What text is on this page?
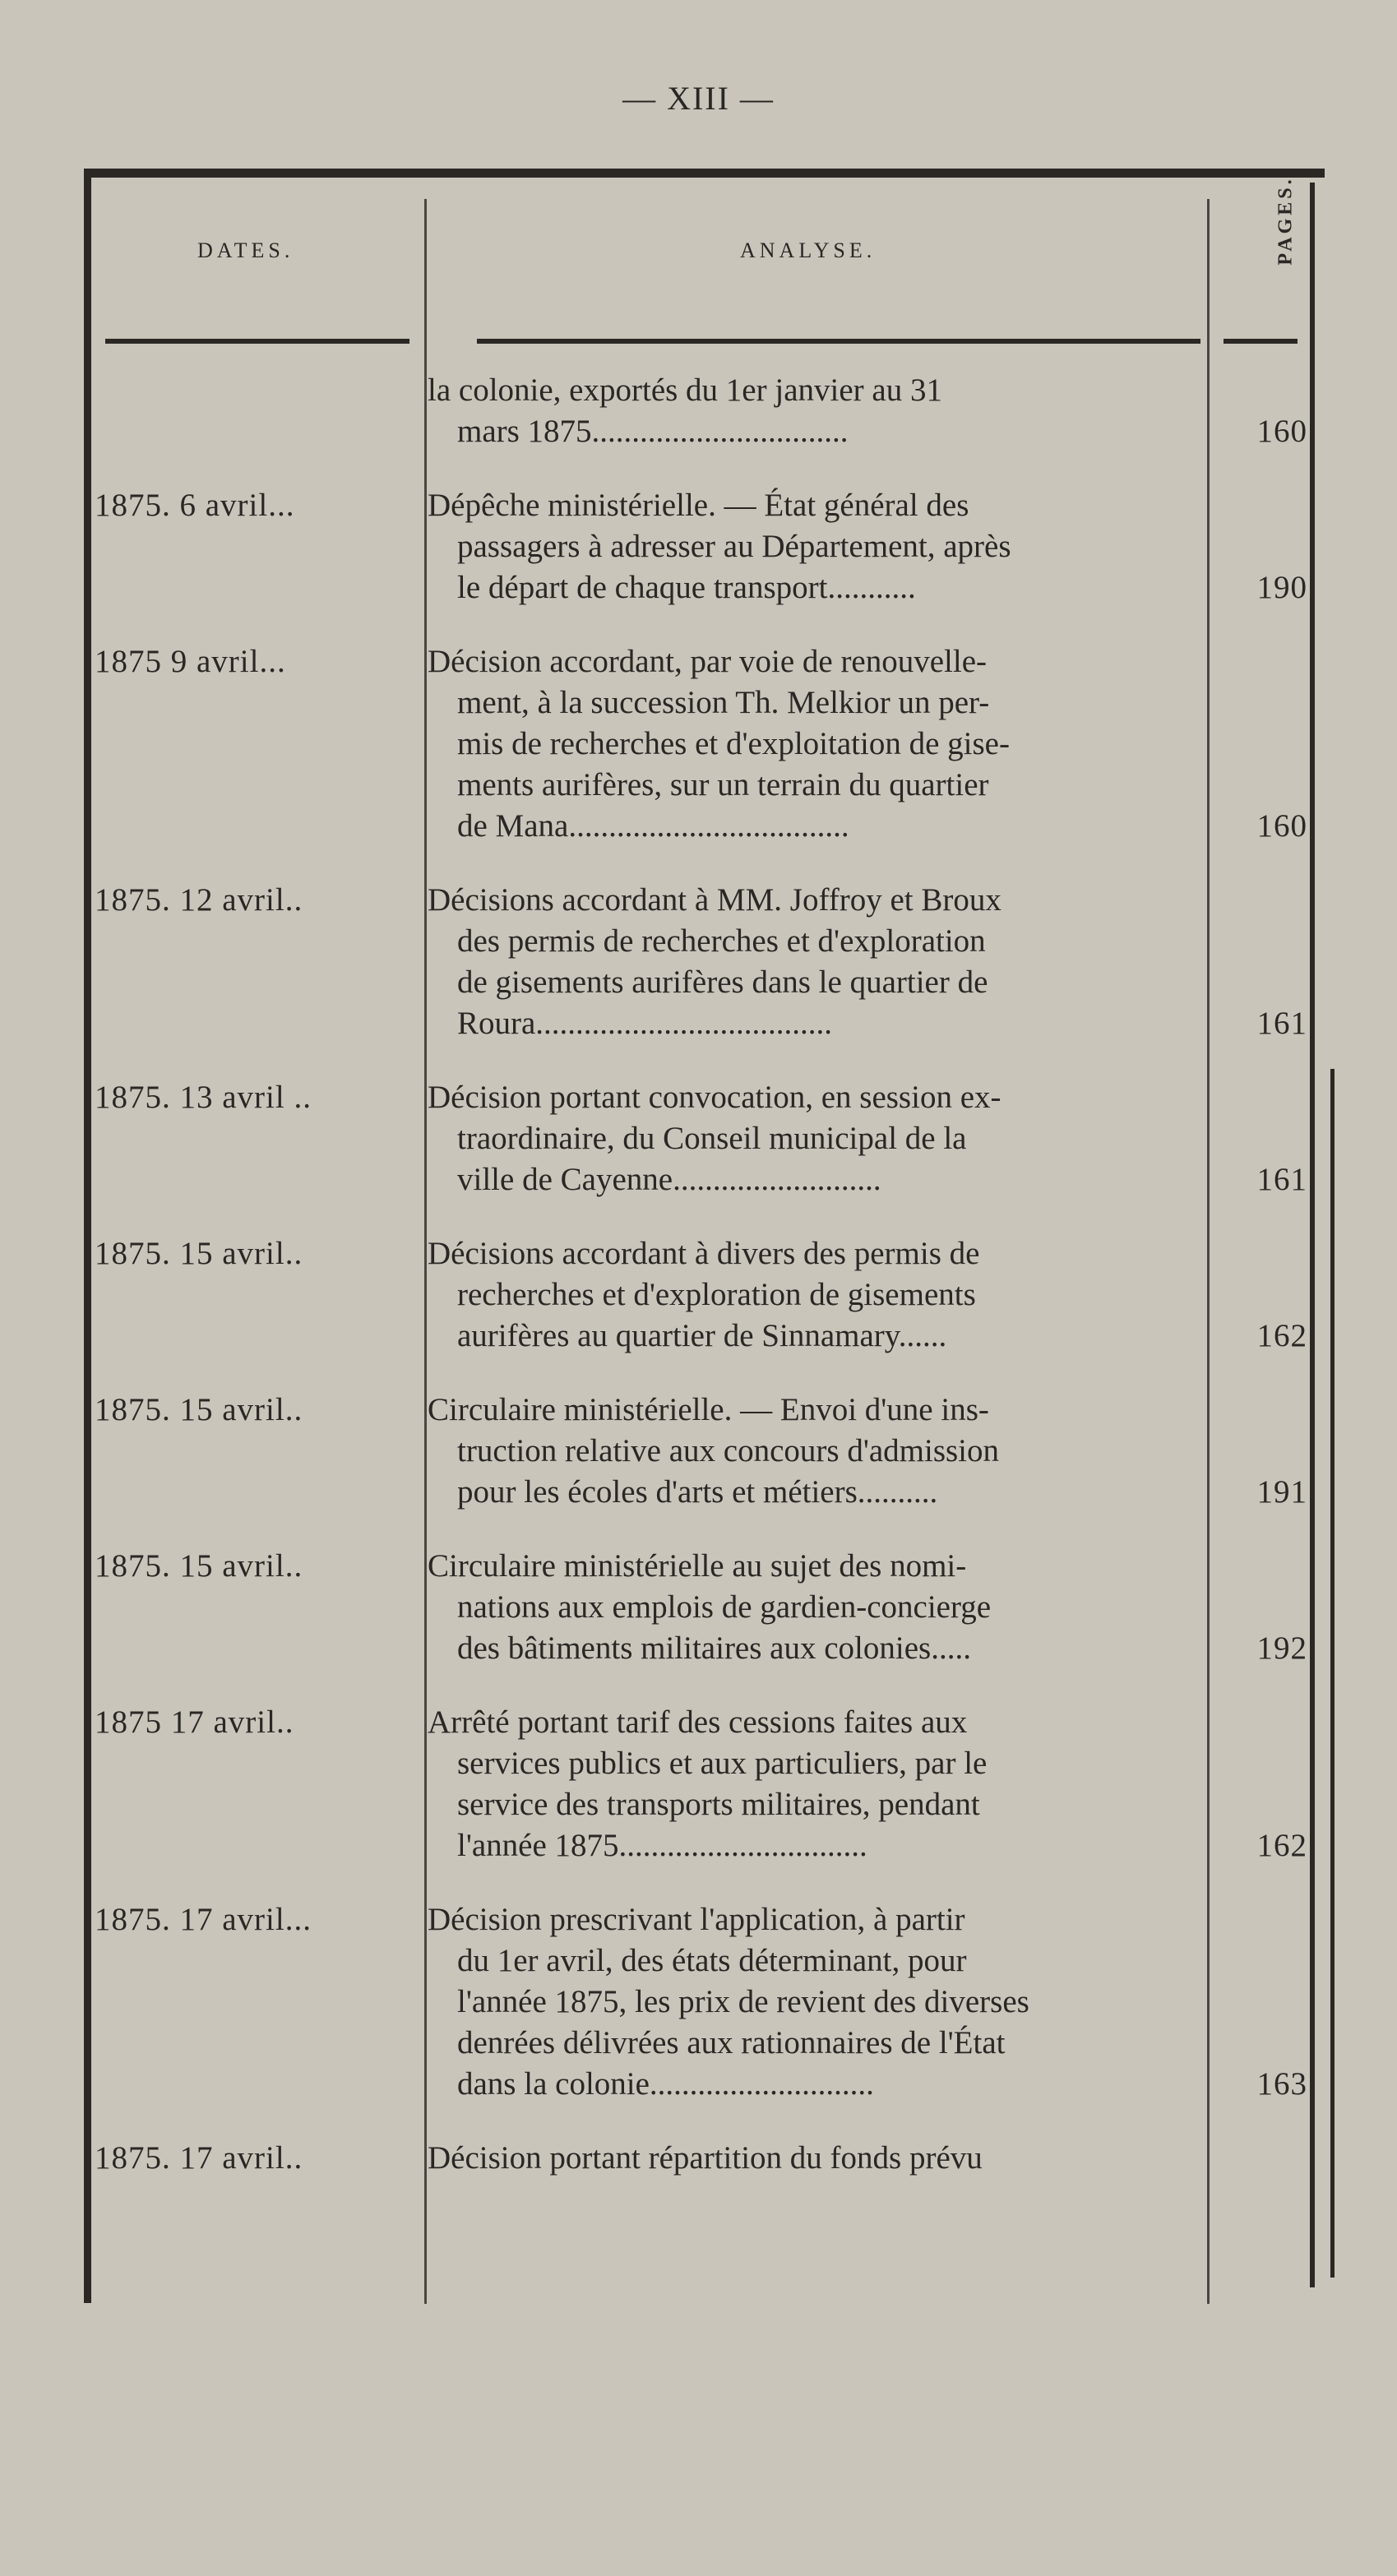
— XIII —
DATES.	ANALYSE.	PAGES.
la colonie, exportés du 1er janvier au 31
mars 1875................................	160
1875. 6 avril...	Dépêche ministérielle. — État général des
passagers à adresser au Département, après
le départ de chaque transport...........	190
1875 9 avril...	Décision accordant, par voie de renouvelle-
ment, à la succession Th. Melkior un per-
mis de recherches et d'exploitation de gise-
ments aurifères, sur un terrain du quartier
de Mana...................................	160
1875. 12 avril..	Décisions accordant à MM. Joffroy et Broux
des permis de recherches et d'exploration
de gisements aurifères dans le quartier de
Roura.....................................	161
1875. 13 avril ..	Décision portant convocation, en session ex-
traordinaire, du Conseil municipal de la
ville de Cayenne..........................	161
1875. 15 avril..	Décisions accordant à divers des permis de
recherches et d'exploration de gisements
aurifères au quartier de Sinnamary......	162
1875. 15 avril..	Circulaire ministérielle. — Envoi d'une ins-
truction relative aux concours d'admission
pour les écoles d'arts et métiers..........	191
1875. 15 avril..	Circulaire ministérielle au sujet des nomi-
nations aux emplois de gardien-concierge
des bâtiments militaires aux colonies.....	192
1875 17 avril..	Arrêté portant tarif des cessions faites aux
services publics et aux particuliers, par le
service des transports militaires, pendant
l'année 1875...............................	162
1875. 17 avril...	Décision prescrivant l'application, à partir
du 1er avril, des états déterminant, pour
l'année 1875, les prix de revient des diverses
denrées délivrées aux rationnaires de l'État
dans la colonie............................	163
1875. 17 avril..	Décision portant répartition du fonds prévu
